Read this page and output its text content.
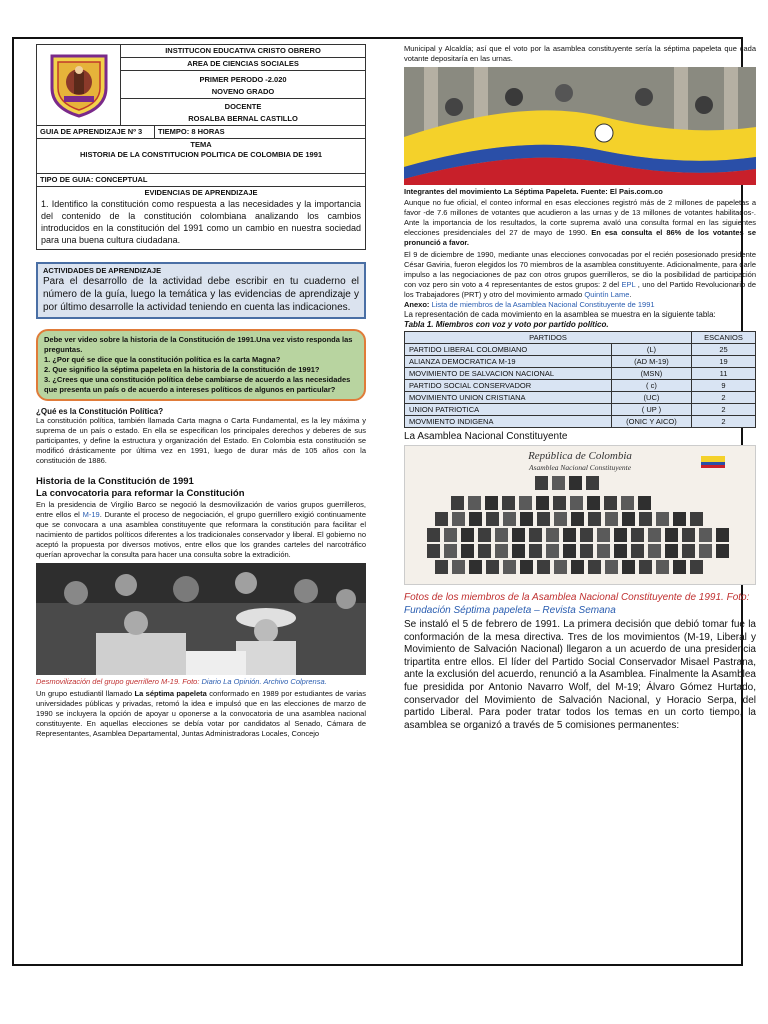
INSTITUCON EDUCATIVA CRISTO OBRERO
AREA DE CIENCIAS SOCIALES
PRIMER PERODO -2.020
NOVENO GRADO
DOCENTE
ROSALBA BERNAL CASTILLO
GUIA DE APRENDIZAJE Nº 3	TIEMPO: 8 HORAS

TEMA
HISTORIA DE LA CONSTITUCION POLITICA DE COLOMBIA DE 1991

TIPO DE GUIA: CONCEPTUAL
EVIDENCIAS DE APRENDIZAJE
1. Identifico la constitución como respuesta a las necesidades y la importancia del contenido de la constitución colombiana analizando los cambios introducidos en la constitución del 1991 como un cambio en nuestra sociedad para una buena cultura ciudadana.
ACTIVIDADES DE APRENDIZAJE
Para el desarrollo de la actividad debe escribir en tu cuaderno el número de la guía, luego la temática y las evidencias de aprendizaje y por último desarrolle la actividad teniendo en cuenta las indicaciones.
Debe ver video sobre la historia de la Constitución de 1991.Una vez visto responda las preguntas.
1. ¿Por qué se dice que la constitución política es la carta Magna?
2. Que significo la séptima papeleta en la historia de la constitución de 1991?
3. ¿Crees que una constitución política debe cambiarse de acuerdo a las necesidades que presenta un país o de acuerdo a intereses políticos de algunos en particular?
¿Qué es la Constitución Política?
La constitución política, también llamada Carta magna o Carta Fundamental, es la ley máxima y suprema de un país o estado. En ella se especifican los principales derechos y deberes de sus participantes, y define la estructura y organización del Estado. En Colombia esta constitución se modificó drásticamente por última vez en 1991, luego de durar más de 105 años con la constitución de 1886.
Historia de la Constitución de 1991
La convocatoria para reformar la Constitución
En la presidencia de Virgilio Barco se negoció la desmovilización de varios grupos guerrilleros, entre ellos el M-19. Durante el proceso de negociación, el grupo guerrillero exigió continuamente que se convocara a una asamblea constituyente que reformara la constitución para facilitar el nacimiento de partidos políticos diferentes a los tradicionales conservador y liberal. El gobierno no aceptó la propuesta por diversos motivos, entre ellos que los grandes carteles del narcotráfico querían aprovechar la consulta para hacer una consulta sobre la extradición.
Desmovilización del grupo guerrillero M-19. Foto: Diario La Opinión. Archivo Colprensa.
Un grupo estudiantil llamado La séptima papeleta conformado en 1989 por estudiantes de varias universidades públicas y privadas, retomó la idea e impulsó que en las elecciones de marzo de 1990 se incluyera la opción de apoyar u oponerse a la convocatoria de una asamblea nacional constituyente. En aquellas elecciones se debía votar por candidatos al Senado, Cámara de Representantes, Asamblea Departamental, Juntas Administradoras Locales, Concejo
Municipal y Alcaldía; así que el voto por la asamblea constituyente sería la séptima papeleta que cada votante depositaría en las urnas.
Integrantes del movimiento La Séptima Papeleta. Fuente: El Pais.com.co
Aunque no fue oficial, el conteo informal en esas elecciones registró más de 2 millones de papeletas a favor -de 7.6 millones de votantes que acudieron a las urnas y de 13 millones de votantes habilitados-. Ante la importancia de los resultados, la corte suprema avaló una consulta formal en las siguientes elecciones presidenciales del 27 de mayo de 1990. En esa consulta el 86% de los votantes se pronunció a favor.
El 9 de diciembre de 1990, mediante unas elecciones convocadas por el recién posesionado presidente César Gaviria, fueron elegidos los 70 miembros de la asamblea constituyente. Adicionalmente, para darle impulso a las negociaciones de paz con otros grupos guerrilleros, se dio la posibilidad de participación con voz pero sin voto a 4 representantes de estos grupos: 2 del EPL , uno del Partido Revolucionario de los Trabajadores (PRT) y otro del movimiento armado Quintín Lame.
Anexo: Lista de miembros de la Asamblea Nacional Constituyente de 1991
La representación de cada movimiento en la asamblea se muestra en la siguiente tabla:
Tabla 1. Miembros con voz y voto por partido político.
PARTIDOS		ESCANIOS
PARTIDO LIBERAL COLOMBIANO	(L)	25
ALIANZA DEMOCRATICA M-19	(AD M-19)	19
MOVIMIENTO DE SALVACION NACIONAL	(MSN)	11
PARTIDO SOCIAL CONSERVADOR	( c)	9
MOVIMIENTO UNION CRISTIANA	(UC)	2
UNION PATRIOTICA	( UP )	2
MOVMIENTO INDIGENA	(ONIC Y AICO)	2
La Asamblea Nacional Constituyente
República de Colombia
Asamblea Nacional Constituyente
Fotos de los miembros de la Asamblea Nacional Constituyente de 1991. Foto: Fundación Séptima papeleta – Revista Semana
Se instaló el 5 de febrero de 1991. La primera decisión que debió tomar fue la conformación de la mesa directiva. Tres de los movimientos (M-19, Liberal y Movimiento de Salvación Nacional) llegaron a un acuerdo de una presidencia tripartita entre ellos. El líder del Partido Social Conservador Misael Pastrana, ante la exclusión del acuerdo, renunció a la Asamblea. Finalmente la Asamblea fue presidida por Antonio Navarro Wolf, del M-19; Álvaro Gómez Hurtado, conservador del Movimiento de Salvación Nacional, y Horacio Serpa, del partido Liberal. Para poder tratar todos los temas en un corto tiempo, la asamblea se organizó a través de 5 comisiones permanentes:
